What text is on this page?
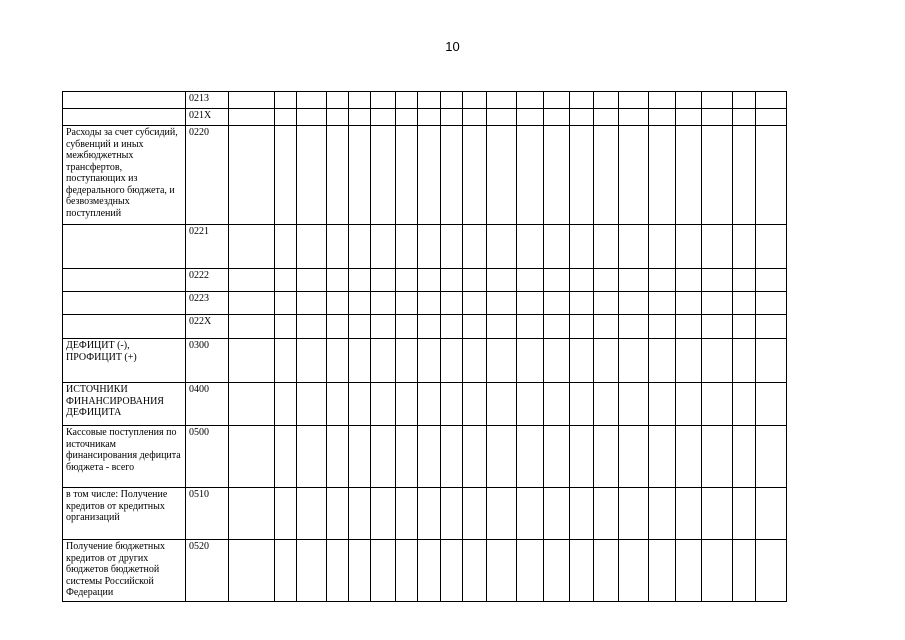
10
	0213																					
	021X																					
Расходы за счет субсидий, субвенций и иных межбюджетных трансфертов, поступающих из федерального бюджета, и безвозмездных поступлений	0220																					
	0221																					
	0222																					
	0223																					
	022X																					
ДЕФИЦИТ (-), ПРОФИЦИТ (+)	0300																					
ИСТОЧНИКИ ФИНАНСИРОВАНИЯ ДЕФИЦИТА	0400																					
Кассовые поступления по источникам финансирования дефицита бюджета - всего	0500																					
в том числе: Получение кредитов от кредитных организаций	0510																					
Получение бюджетных кредитов от других бюджетов бюджетной системы Российской Федерации	0520																					
